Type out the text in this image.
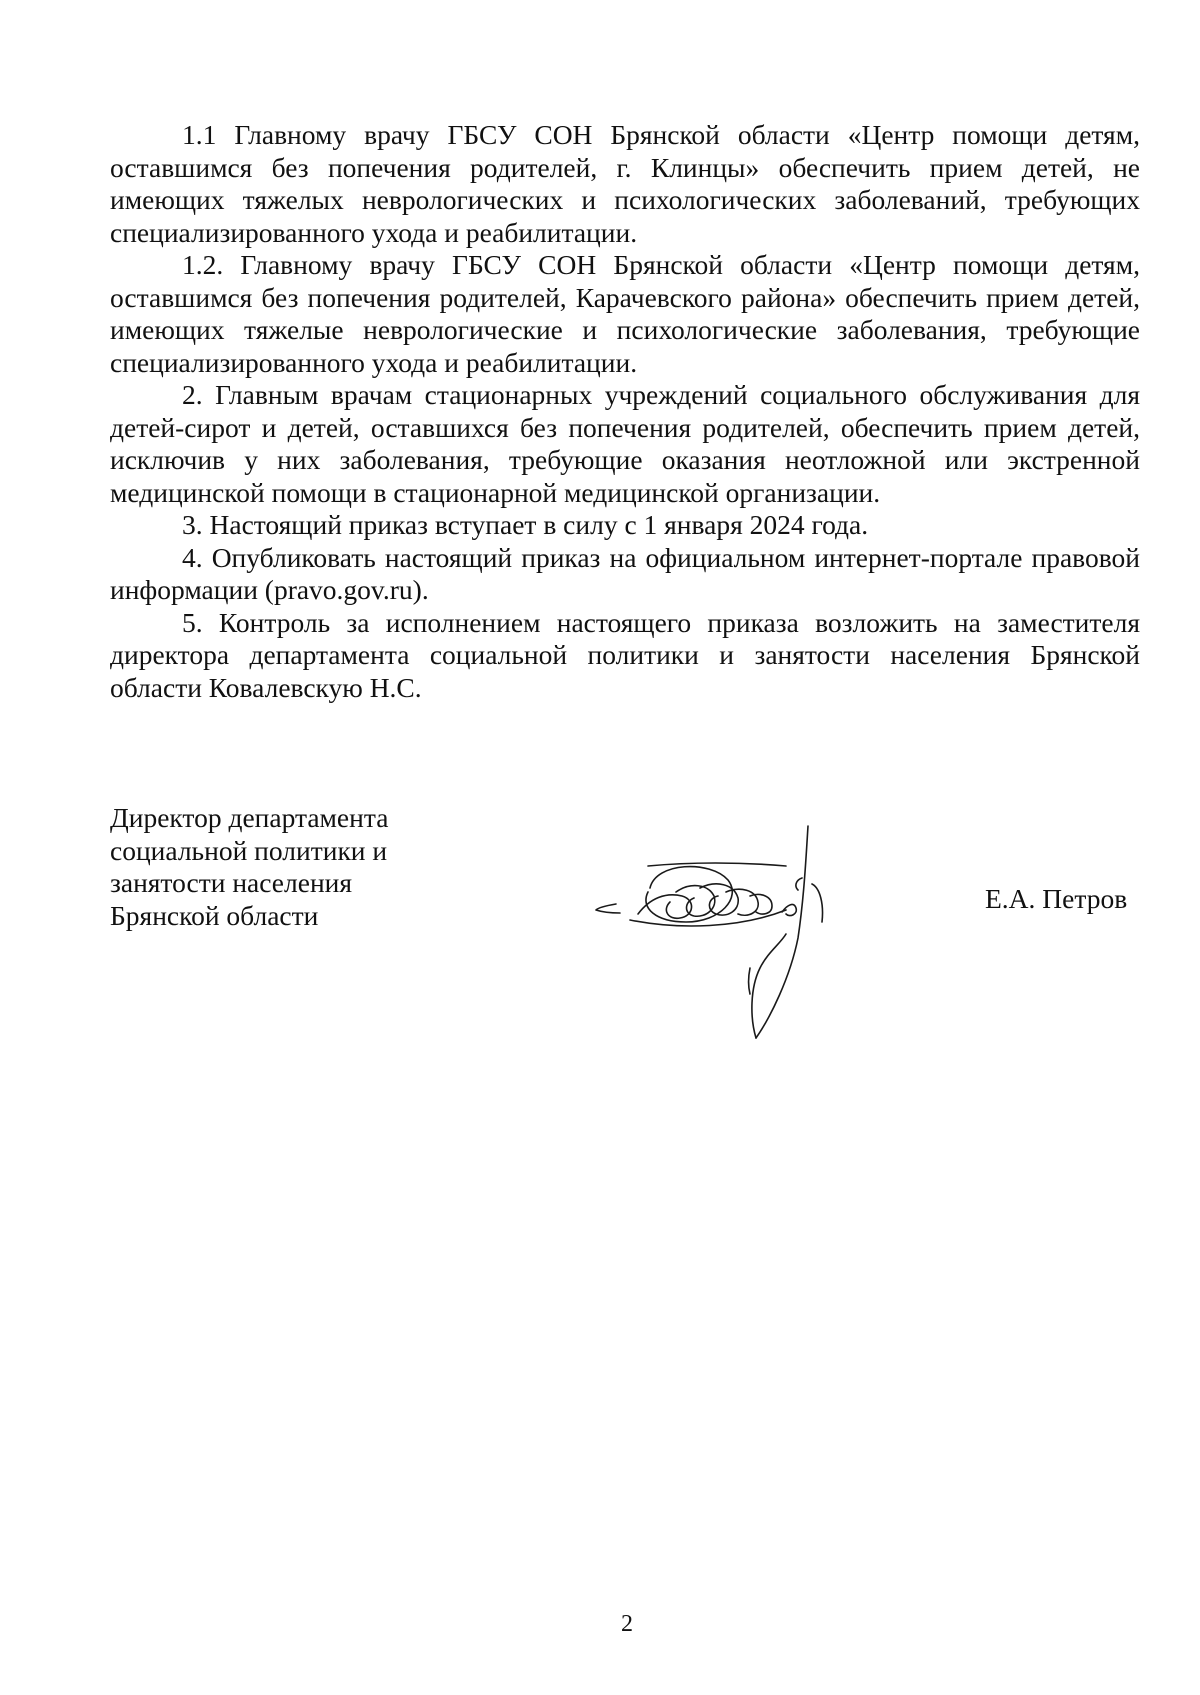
1.1 Главному врачу ГБСУ СОН Брянской области «Центр помощи детям, оставшимся без попечения родителей, г. Клинцы» обеспечить прием детей, не имеющих тяжелых неврологических и психологических заболеваний, требующих специализированного ухода и реабилитации.

1.2. Главному врачу ГБСУ СОН Брянской области «Центр помощи детям, оставшимся без попечения родителей, Карачевского района» обеспечить прием детей, имеющих тяжелые неврологические и психологические заболевания, требующие специализированного ухода и реабилитации.

2. Главным врачам стационарных учреждений социального обслуживания для детей-сирот и детей, оставшихся без попечения родителей, обеспечить прием детей, исключив у них заболевания, требующие оказания неотложной или экстренной медицинской помощи в стационарной медицинской организации.

3. Настоящий приказ вступает в силу с 1 января 2024 года.

4. Опубликовать настоящий приказ на официальном интернет-портале правовой информации (pravo.gov.ru).

5. Контроль за исполнением настоящего приказа возложить на заместителя директора департамента социальной политики и занятости населения Брянской области Ковалевскую Н.С.

Директор департамента
социальной политики и
занятости населения
Брянской области
Е.А. Петров
2
